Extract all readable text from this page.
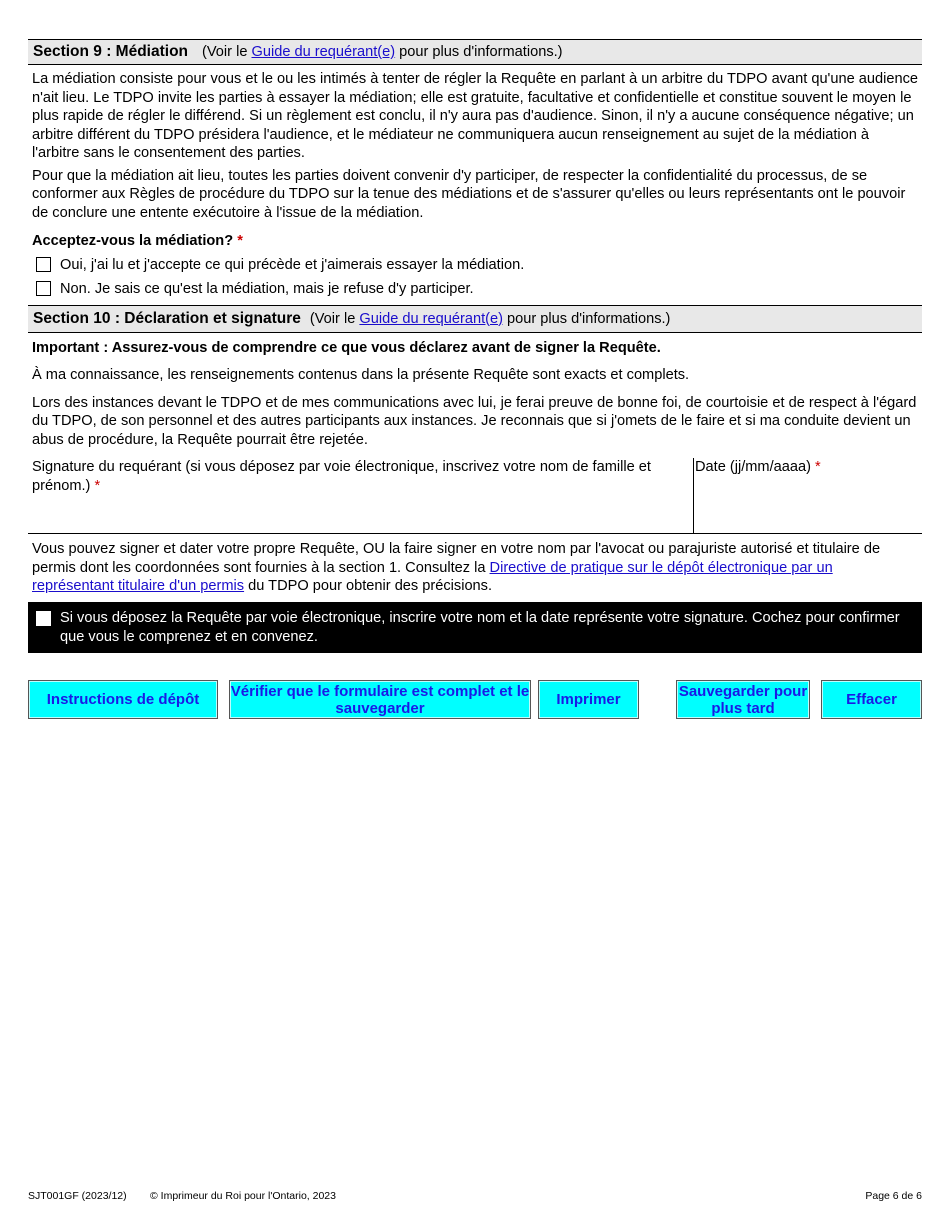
Section 9 : Médiation (Voir le Guide du requérant(e) pour plus d'informations.)

La médiation consiste pour vous et le ou les intimés à tenter de régler la Requête en parlant à un arbitre du TDPO avant qu'une audience n'ait lieu. Le TDPO invite les parties à essayer la médiation; elle est gratuite, facultative et confidentielle et constitue souvent le moyen le plus rapide de régler le différend. Si un règlement est conclu, il n'y aura pas d'audience. Sinon, il n'y a aucune conséquence négative; un arbitre différent du TDPO présidera l'audience, et le médiateur ne communiquera aucun renseignement au sujet de la médiation à l'arbitre sans le consentement des parties.

Pour que la médiation ait lieu, toutes les parties doivent convenir d'y participer, de respecter la confidentialité du processus, de se conformer aux Règles de procédure du TDPO sur la tenue des médiations et de s'assurer qu'elles ou leurs représentants ont le pouvoir de conclure une entente exécutoire à l'issue de la médiation.

Acceptez-vous la médiation? *

Oui, j'ai lu et j'accepte ce qui précède et j'aimerais essayer la médiation.
Non. Je sais ce qu'est la médiation, mais je refuse d'y participer.
Section 10 : Déclaration et signature (Voir le Guide du requérant(e) pour plus d'informations.)

Important : Assurez-vous de comprendre ce que vous déclarez avant de signer la Requête.

À ma connaissance, les renseignements contenus dans la présente Requête sont exacts et complets.

Lors des instances devant le TDPO et de mes communications avec lui, je ferai preuve de bonne foi, de courtoisie et de respect à l'égard du TDPO, de son personnel et des autres participants aux instances. Je reconnais que si j'omets de le faire et si ma conduite devient un abus de procédure, la Requête pourrait être rejetée.

Signature du requérant (si vous déposez par voie électronique, inscrivez votre nom de famille et prénom.) *

Date (jj/mm/aaaa) *

Vous pouvez signer et dater votre propre Requête, OU la faire signer en votre nom par l'avocat ou parajuriste autorisé et titulaire de permis dont les coordonnées sont fournies à la section 1. Consultez la Directive de pratique sur le dépôt électronique par un représentant titulaire d'un permis du TDPO pour obtenir des précisions.

Si vous déposez la Requête par voie électronique, inscrire votre nom et la date représente votre signature. Cochez pour confirmer que vous le comprenez et en convenez.

Instructions de dépôt	Vérifier que le formulaire est complet et le sauvegarder	Imprimer	Sauvegarder pour plus tard	Effacer
SJT001GF (2023/12) © Imprimeur du Roi pour l'Ontario, 2023	Page 6 de 6
